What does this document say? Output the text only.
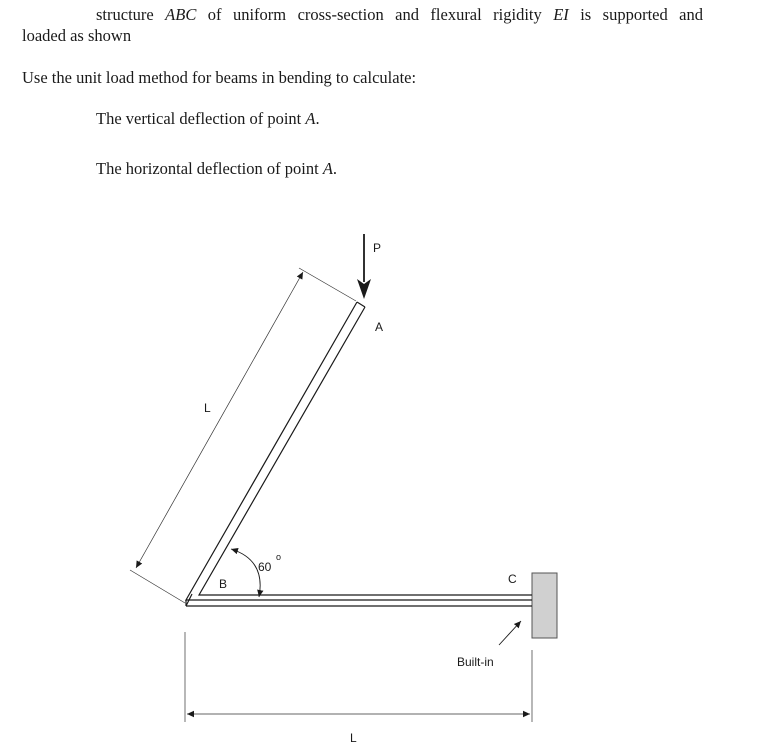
structure ABC of uniform cross-section and flexural rigidity EI is supported and
loaded as shown
Use the unit load method for beams in bending to calculate:
The vertical deflection of point A.
The horizontal deflection of point A.
P
A
L
60
o
B	C
Built-in
L
